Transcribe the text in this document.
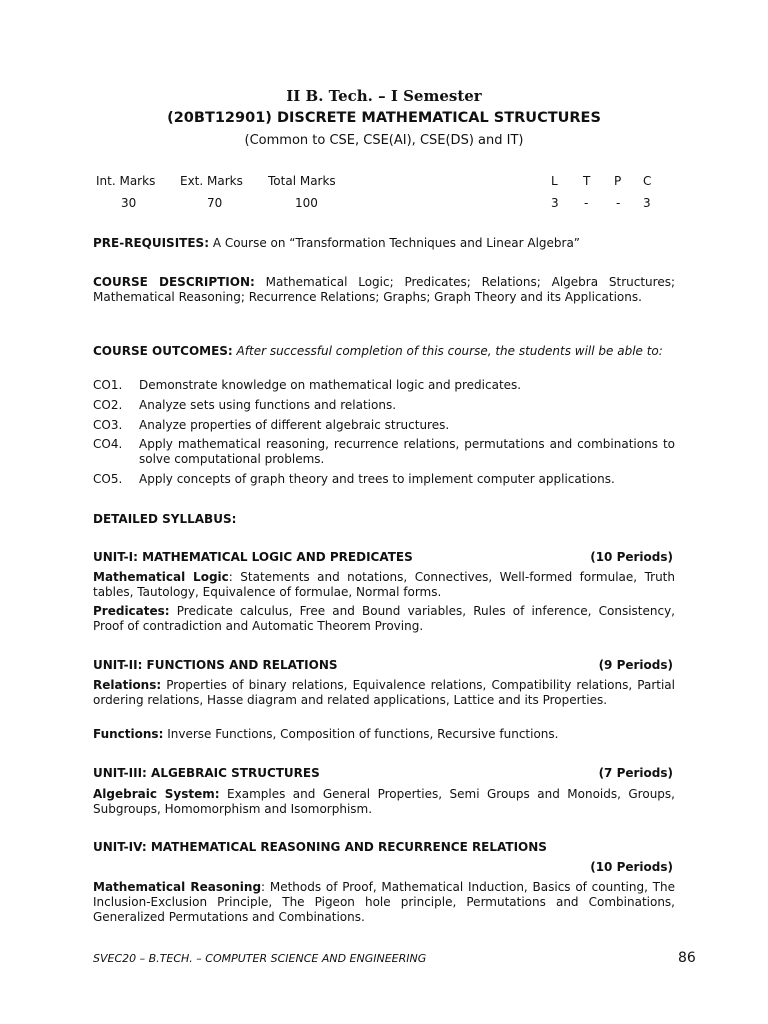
II B. Tech. – I Semester
(20BT12901) DISCRETE MATHEMATICAL STRUCTURES
(Common to CSE, CSE(AI), CSE(DS) and IT)
Int. Marks Ext. Marks Total Marks	L T P C
30	70	100	3 - - 3
PRE-REQUISITES: A Course on “Transformation Techniques and Linear Algebra”
COURSE DESCRIPTION: Mathematical Logic; Predicates; Relations; Algebra Structures; Mathematical Reasoning; Recurrence Relations; Graphs; Graph Theory and its Applications.
COURSE OUTCOMES: After successful completion of this course, the students will be able to:
CO1. Demonstrate knowledge on mathematical logic and predicates.
CO2. Analyze sets using functions and relations.
CO3. Analyze properties of different algebraic structures.
CO4. Apply mathematical reasoning, recurrence relations, permutations and combinations to solve computational problems.
CO5. Apply concepts of graph theory and trees to implement computer applications.
DETAILED SYLLABUS:
UNIT-I: MATHEMATICAL LOGIC AND PREDICATES	(10 Periods)
Mathematical Logic: Statements and notations, Connectives, Well-formed formulae, Truth tables, Tautology, Equivalence of formulae, Normal forms.
Predicates: Predicate calculus, Free and Bound variables, Rules of inference, Consistency, Proof of contradiction and Automatic Theorem Proving.
UNIT-II: FUNCTIONS AND RELATIONS	(9 Periods)
Relations: Properties of binary relations, Equivalence relations, Compatibility relations, Partial ordering relations, Hasse diagram and related applications, Lattice and its Properties.
Functions: Inverse Functions, Composition of functions, Recursive functions.
UNIT-III: ALGEBRAIC STRUCTURES	(7 Periods)
Algebraic System: Examples and General Properties, Semi Groups and Monoids, Groups, Subgroups, Homomorphism and Isomorphism.
UNIT-IV: MATHEMATICAL REASONING AND RECURRENCE RELATIONS
(10 Periods)
Mathematical Reasoning: Methods of Proof, Mathematical Induction, Basics of counting, The Inclusion-Exclusion Principle, The Pigeon hole principle, Permutations and Combinations, Generalized Permutations and Combinations.
SVEC20 – B.TECH. – COMPUTER SCIENCE AND ENGINEERING	86
